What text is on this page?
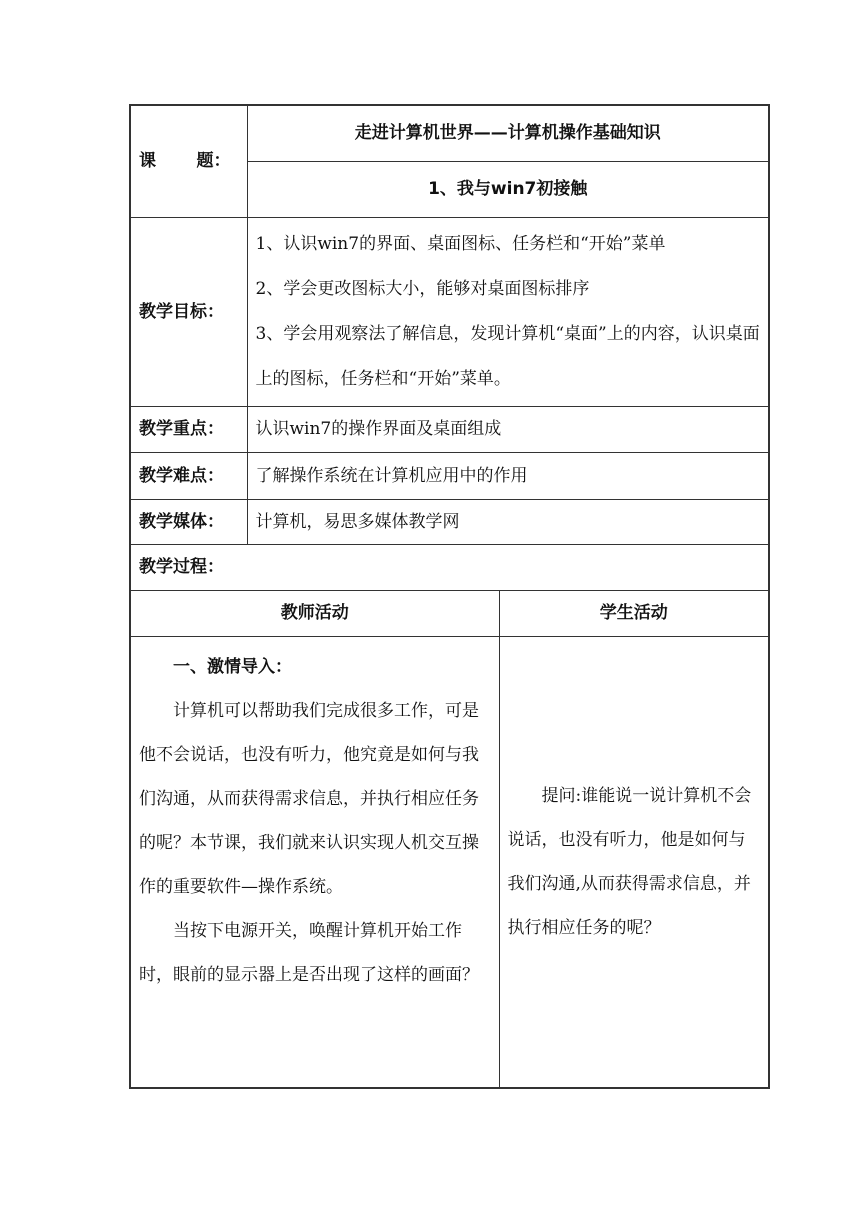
课 题：	走进计算机世界——计算机操作基础知识	
	1、我与win7初接触	
教学目标：	1、认识win7的界面、桌面图标、任务栏和“开始”菜单
2、学会更改图标大小，能够对桌面图标排序
3、学会用观察法了解信息，发现计算机“桌面”上的内容，认识桌面上的图标，任务栏和“开始”菜单。	

教学重点：	认识win7的操作界面及桌面组成	
教学难点：	了解操作系统在计算机应用中的作用	
教学媒体：	计算机，易思多媒体教学网	
教学过程：		
教师活动		学生活动

一、激情导入：

计算机可以帮助我们完成很多工作，可是他不会说话，也没有听力，他究竟是如何与我们沟通，从而获得需求信息，并执行相应任务的呢？本节课，我们就来认识实现人机交互操作的重要软件—操作系统。

当按下电源开关，唤醒计算机开始工作时，眼前的显示器上是否出现了这样的画面？		提问:谁能说一说计算机不会说话，也没有听力，他是如何与我们沟通,从而获得需求信息，并执行相应任务的呢？
